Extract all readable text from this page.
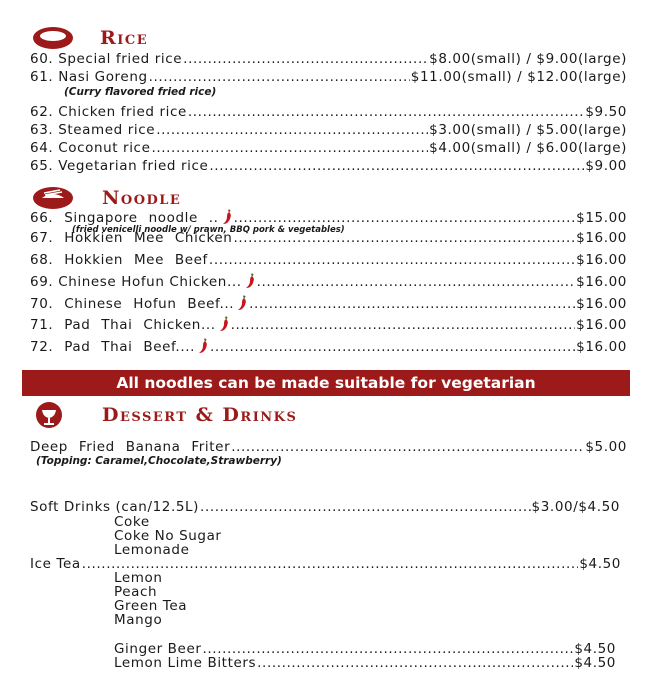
Rice
60. Special fried rice .....	$8.00(small) / $9.00(large)
61. Nasi Goreng .....	$11.00(small) / $12.00(large)
(Curry flavored fried rice)
62. Chicken fried rice .....	$9.50
63. Steamed rice .....	$3.00(small) / $5.00(large)
64. Coconut rice .....	$4.00(small) / $6.00(large)
65. Vegetarian fried rice .....	$9.00
Noodle
66. Singapore noodle .. .....	$15.00
(fried venicelli noodle w/ prawn, BBQ pork & vegetables)
67. Hokkien Mee Chicken .....	$16.00
68. Hokkien Mee Beef .....	$16.00
69. Chinese Hofun Chicken... .....	$16.00
70. Chinese Hofun Beef... .....	$16.00
71. Pad Thai Chicken... .....	$16.00
72. Pad Thai Beef.... .....	$16.00
All noodles can be made suitable for vegetarian
Dessert & Drinks
Deep Fried Banana Friter .....	$5.00
(Topping: Caramel,Chocolate,Strawberry)
Soft Drinks (can/12.5L) .....	$3.00/$4.50
Coke
Coke No Sugar
Lemonade
Ice Tea .....	$4.50
Lemon
Peach
Green Tea
Mango
Ginger Beer .....	$4.50
Lemon Lime Bitters .....	$4.50
